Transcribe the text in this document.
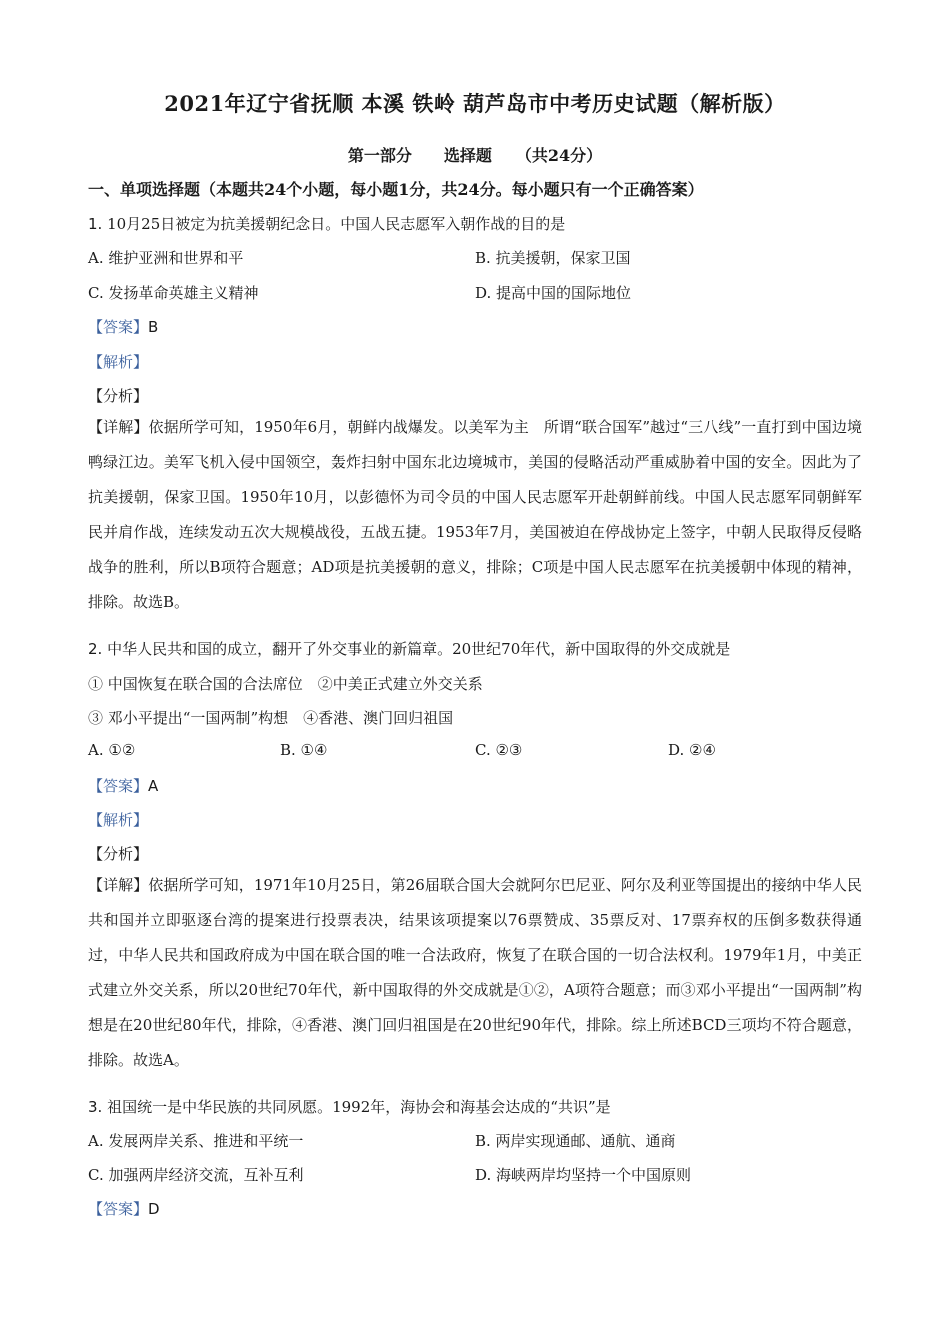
2021年辽宁省抚顺 本溪 铁岭 葫芦岛市中考历史试题（解析版）
第一部分　　选择题　　（共24分）
一、单项选择题（本题共24个小题，每小题1分，共24分。每小题只有一个正确答案）
1. 10月25日被定为抗美援朝纪念日。中国人民志愿军入朝作战的目的是
A. 维护亚洲和世界和平	B. 抗美援朝，保家卫国
C. 发扬革命英雄主义精神	D. 提高中国的国际地位
【答案】B
【解析】
【分析】
【详解】依据所学可知，1950年6月，朝鲜内战爆发。以美军为主　所谓“联合国军”越过“三八线”一直打到中国边境鸭绿江边。美军飞机入侵中国领空，轰炸扫射中国东北边境城市，美国的侵略活动严重威胁着中国的安全。因此为了抗美援朝，保家卫国。1950年10月，以彭德怀为司令员的中国人民志愿军开赴朝鲜前线。中国人民志愿军同朝鲜军民并肩作战，连续发动五次大规模战役，五战五捷。1953年7月，美国被迫在停战协定上签字，中朝人民取得反侵略战争的胜利，所以B项符合题意；AD项是抗美援朝的意义，排除；C项是中国人民志愿军在抗美援朝中体现的精神，排除。故选B。
2. 中华人民共和国的成立，翻开了外交事业的新篇章。20世纪70年代，新中国取得的外交成就是
① 中国恢复在联合国的合法席位　②中美正式建立外交关系
③ 邓小平提出“一国两制”构想　④香港、澳门回归祖国
A. ①②	B. ①④	C. ②③	D. ②④
【答案】A
【解析】
【分析】
【详解】依据所学可知，1971年10月25日，第26届联合国大会就阿尔巴尼亚、阿尔及利亚等国提出的接纳中华人民共和国并立即驱逐台湾的提案进行投票表决，结果该项提案以76票赞成、35票反对、17票弃权的压倒多数获得通过，中华人民共和国政府成为中国在联合国的唯一合法政府，恢复了在联合国的一切合法权利。1979年1月，中美正式建立外交关系，所以20世纪70年代，新中国取得的外交成就是①②，A项符合题意；而③邓小平提出“一国两制”构想是在20世纪80年代，排除，④香港、澳门回归祖国是在20世纪90年代，排除。综上所述BCD三项均不符合题意，排除。故选A。
3. 祖国统一是中华民族的共同夙愿。1992年，海协会和海基会达成的“共识”是
A. 发展两岸关系、推进和平统一	B. 两岸实现通邮、通航、通商
C. 加强两岸经济交流，互补互利	D. 海峡两岸均坚持一个中国原则
【答案】D
